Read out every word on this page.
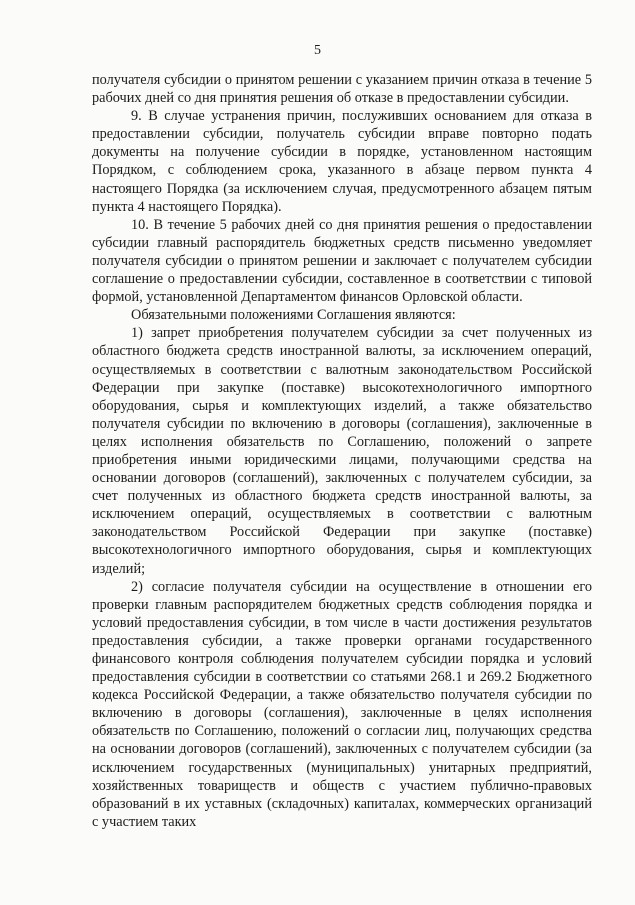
5

получателя субсидии о принятом решении с указанием причин отказа в течение 5 рабочих дней со дня принятия решения об отказе в предоставлении субсидии.

9. В случае устранения причин, послуживших основанием для отказа в предоставлении субсидии, получатель субсидии вправе повторно подать документы на получение субсидии в порядке, установленном настоящим Порядком, с соблюдением срока, указанного в абзаце первом пункта 4 настоящего Порядка (за исключением случая, предусмотренного абзацем пятым пункта 4 настоящего Порядка).

10. В течение 5 рабочих дней со дня принятия решения о предоставлении субсидии главный распорядитель бюджетных средств письменно уведомляет получателя субсидии о принятом решении и заключает с получателем субсидии соглашение о предоставлении субсидии, составленное в соответствии с типовой формой, установленной Департаментом финансов Орловской области.

Обязательными положениями Соглашения являются:

1) запрет приобретения получателем субсидии за счет полученных из областного бюджета средств иностранной валюты, за исключением операций, осуществляемых в соответствии с валютным законодательством Российской Федерации при закупке (поставке) высокотехнологичного импортного оборудования, сырья и комплектующих изделий, а также обязательство получателя субсидии по включению в договоры (соглашения), заключенные в целях исполнения обязательств по Соглашению, положений о запрете приобретения иными юридическими лицами, получающими средства на основании договоров (соглашений), заключенных с получателем субсидии, за счет полученных из областного бюджета средств иностранной валюты, за исключением операций, осуществляемых в соответствии с валютным законодательством Российской Федерации при закупке (поставке) высокотехнологичного импортного оборудования, сырья и комплектующих изделий;

2) согласие получателя субсидии на осуществление в отношении его проверки главным распорядителем бюджетных средств соблюдения порядка и условий предоставления субсидии, в том числе в части достижения результатов предоставления субсидии, а также проверки органами государственного финансового контроля соблюдения получателем субсидии порядка и условий предоставления субсидии в соответствии со статьями 268.1 и 269.2 Бюджетного кодекса Российской Федерации, а также обязательство получателя субсидии по включению в договоры (соглашения), заключенные в целях исполнения обязательств по Соглашению, положений о согласии лиц, получающих средства на основании договоров (соглашений), заключенных с получателем субсидии (за исключением государственных (муниципальных) унитарных предприятий, хозяйственных товариществ и обществ с участием публично-правовых образований в их уставных (складочных) капиталах, коммерческих организаций с участием таких
